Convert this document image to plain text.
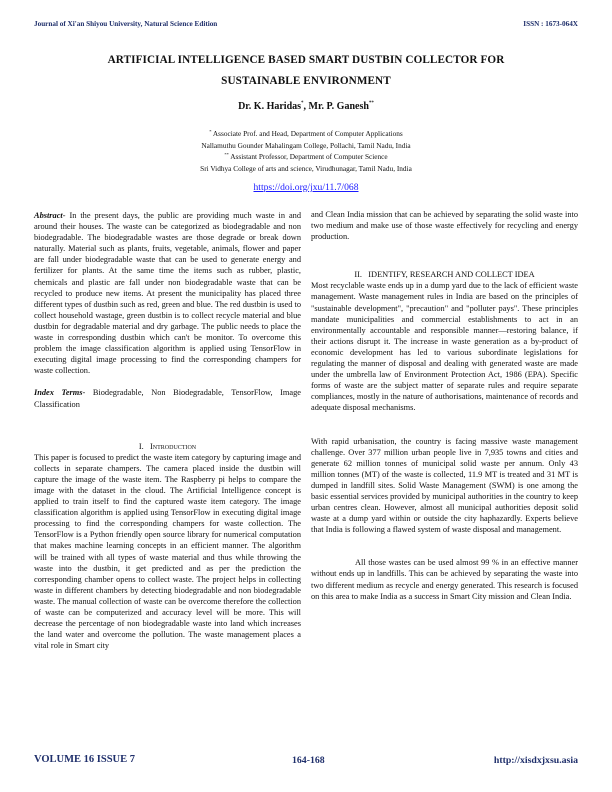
Journal of Xi'an Shiyou University, Natural Science Edition	ISSN : 1673-064X
ARTIFICIAL INTELLIGENCE BASED SMART DUSTBIN COLLECTOR FOR
SUSTAINABLE ENVIRONMENT
Dr. K. Haridas*, Mr. P. Ganesh**
* Associate Prof. and Head, Department of Computer Applications
Nallamuthu Gounder Mahalingam College, Pollachi, Tamil Nadu, India
** Assistant Professor, Department of Computer Science
Sri Vidhya College of arts and science, Virudhunagar, Tamil Nadu, India
https://doi.org/jxu/11.7/068

Abstract- In the present days, the public are providing much waste in and around their houses. The waste can be categorized as biodegradable and non biodegradable. The biodegradable wastes are those degrade or break down naturally. Material such as plants, fruits, vegetable, animals, flower and paper are fall under biodegradable waste that can be used to generate energy and fertilizer for plants. At the same time the items such as rubber, plastic, chemicals and plastic are fall under non biodegradable waste that can be recycled to produce new items. At present the municipality has placed three different types of dustbin such as red, green and blue. The red dustbin is used to collect household wastage, green dustbin is to collect recycle material and blue dustbin for degradable material and dry garbage. The public needs to place the waste in corresponding dustbin which can't be monitor. To overcome this problem the image classification algorithm is applied using TensorFlow in executing digital image processing to find the corresponding champers for waste collection.

Index Terms- Biodegradable, Non Biodegradable, TensorFlow, Image Classification

I. Introduction

This paper is focused to predict the waste item category by capturing image and collects in separate champers. The camera placed inside the dustbin will capture the image of the waste item. The Raspberry pi helps to compare the image with the dataset in the cloud. The Artificial Intelligence concept is applied to train itself to find the captured waste item category. The image classification algorithm is applied using TensorFlow in executing digital image processing to find the corresponding champers for waste collection. The TensorFlow is a Python friendly open source library for numerical computation that makes machine learning concepts in an efficient manner. The algorithm will be trained with all types of waste material and thus while throwing the waste into the dustbin, it get predicted and as per the prediction the corresponding chamber opens to collect waste. The project helps in collecting waste in different chambers by detecting biodegradable and non biodegradable waste. The manual collection of waste can be overcome therefore the collection of waste can be computerized and accuracy level will be more. This will decrease the percentage of non biodegradable waste into land which increases the land water and overcome the pollution. The waste management places a vital role in Smart city

and Clean India mission that can be achieved by separating the solid waste into two medium and make use of those waste effectively for recycling and energy production.

II. IDENTIFY, RESEARCH AND COLLECT IDEA

Most recyclable waste ends up in a dump yard due to the lack of efficient waste management. Waste management rules in India are based on the principles of "sustainable development", "precaution" and "polluter pays". These principles mandate municipalities and commercial establishments to act in an environmentally accountable and responsible manner—restoring balance, if their actions disrupt it. The increase in waste generation as a by-product of economic development has led to various subordinate legislations for regulating the manner of disposal and dealing with generated waste are made under the umbrella law of Environment Protection Act, 1986 (EPA). Specific forms of waste are the subject matter of separate rules and require separate compliances, mostly in the nature of authorisations, maintenance of records and adequate disposal mechanisms.

With rapid urbanisation, the country is facing massive waste management challenge. Over 377 million urban people live in 7,935 towns and cities and generate 62 million tonnes of municipal solid waste per annum. Only 43 million tonnes (MT) of the waste is collected, 11.9 MT is treated and 31 MT is dumped in landfill sites. Solid Waste Management (SWM) is one among the basic essential services provided by municipal authorities in the country to keep urban centres clean. However, almost all municipal authorities deposit solid waste at a dump yard within or outside the city haphazardly. Experts believe that India is following a flawed system of waste disposal and management.

All those wastes can be used almost 99 % in an effective manner without ends up in landfills. This can be achieved by separating the waste into two different medium as recycle and energy generated. This research is focused on this area to make India as a success in Smart City mission and Clean India.

VOLUME 16 ISSUE 7	164-168	http://xisdxjxsu.asia
